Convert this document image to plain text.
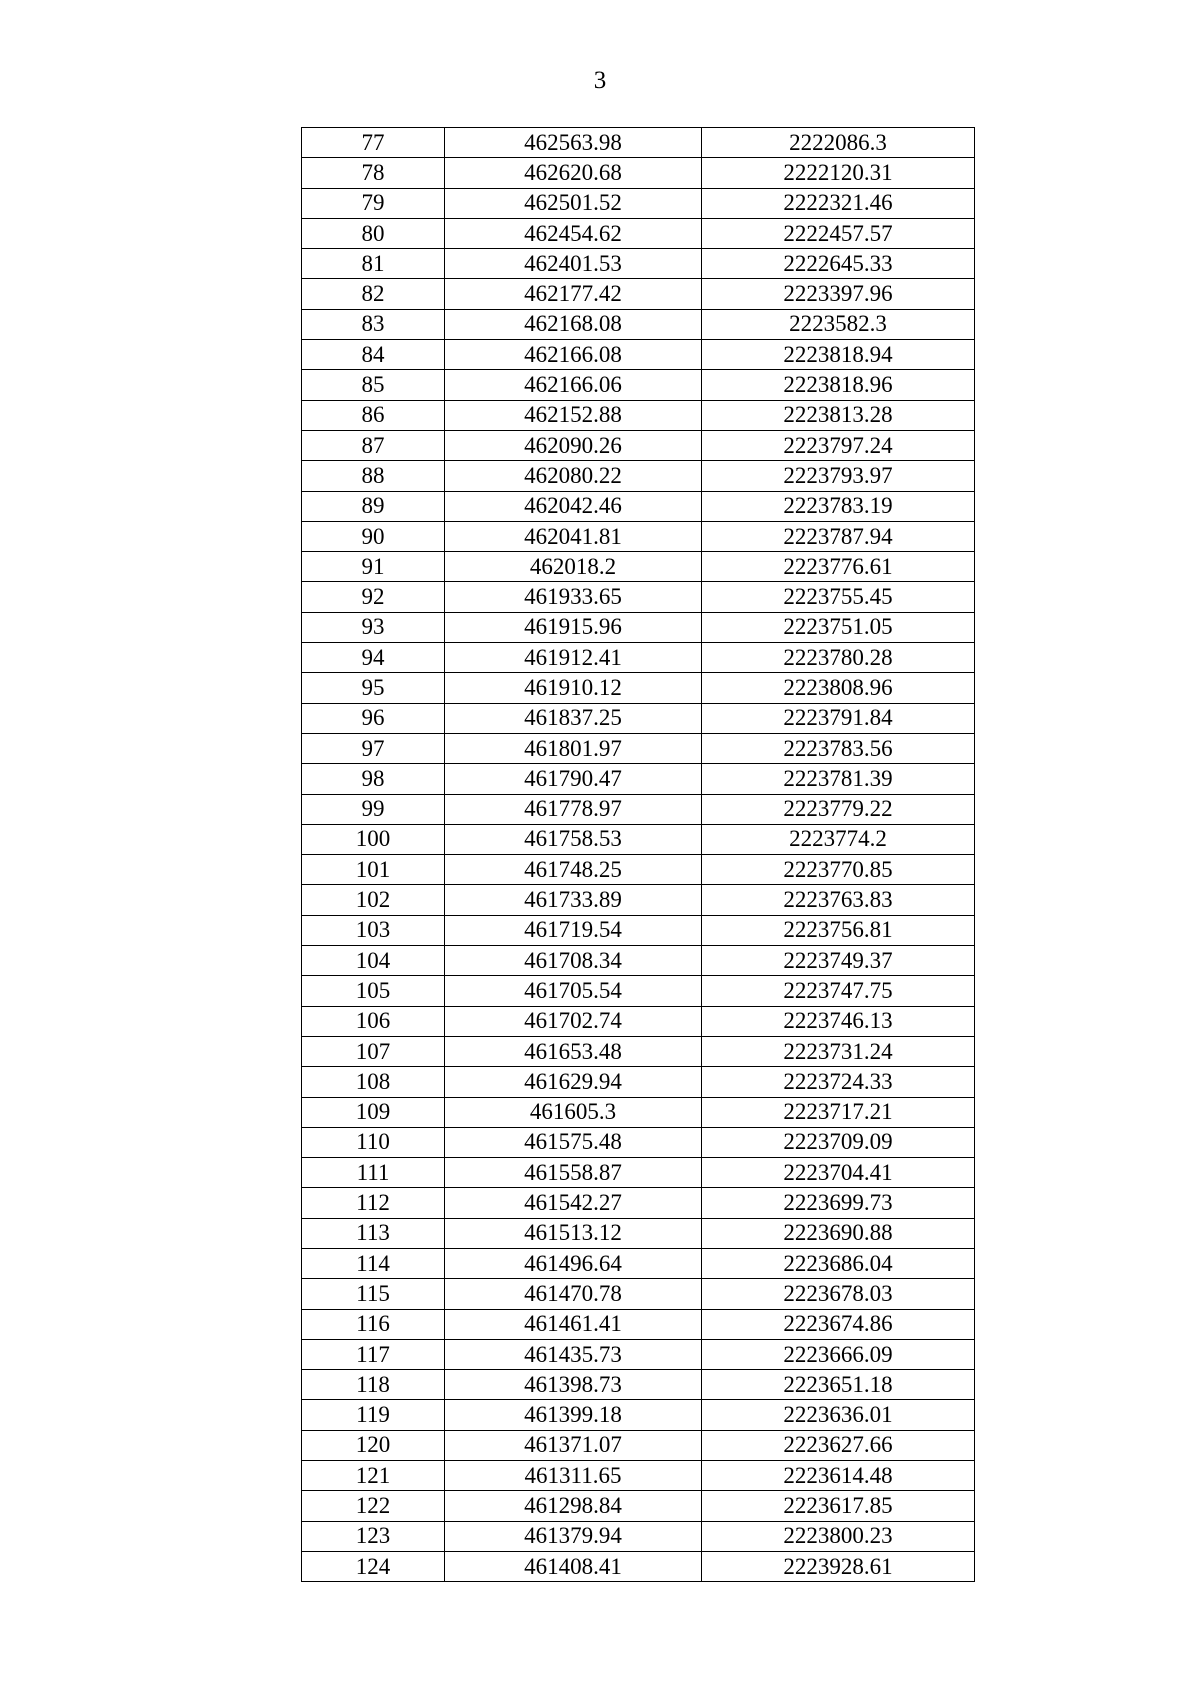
3
77	462563.98	2222086.3
78	462620.68	2222120.31
79	462501.52	2222321.46
80	462454.62	2222457.57
81	462401.53	2222645.33
82	462177.42	2223397.96
83	462168.08	2223582.3
84	462166.08	2223818.94
85	462166.06	2223818.96
86	462152.88	2223813.28
87	462090.26	2223797.24
88	462080.22	2223793.97
89	462042.46	2223783.19
90	462041.81	2223787.94
91	462018.2	2223776.61
92	461933.65	2223755.45
93	461915.96	2223751.05
94	461912.41	2223780.28
95	461910.12	2223808.96
96	461837.25	2223791.84
97	461801.97	2223783.56
98	461790.47	2223781.39
99	461778.97	2223779.22
100	461758.53	2223774.2
101	461748.25	2223770.85
102	461733.89	2223763.83
103	461719.54	2223756.81
104	461708.34	2223749.37
105	461705.54	2223747.75
106	461702.74	2223746.13
107	461653.48	2223731.24
108	461629.94	2223724.33
109	461605.3	2223717.21
110	461575.48	2223709.09
111	461558.87	2223704.41
112	461542.27	2223699.73
113	461513.12	2223690.88
114	461496.64	2223686.04
115	461470.78	2223678.03
116	461461.41	2223674.86
117	461435.73	2223666.09
118	461398.73	2223651.18
119	461399.18	2223636.01
120	461371.07	2223627.66
121	461311.65	2223614.48
122	461298.84	2223617.85
123	461379.94	2223800.23
124	461408.41	2223928.61
